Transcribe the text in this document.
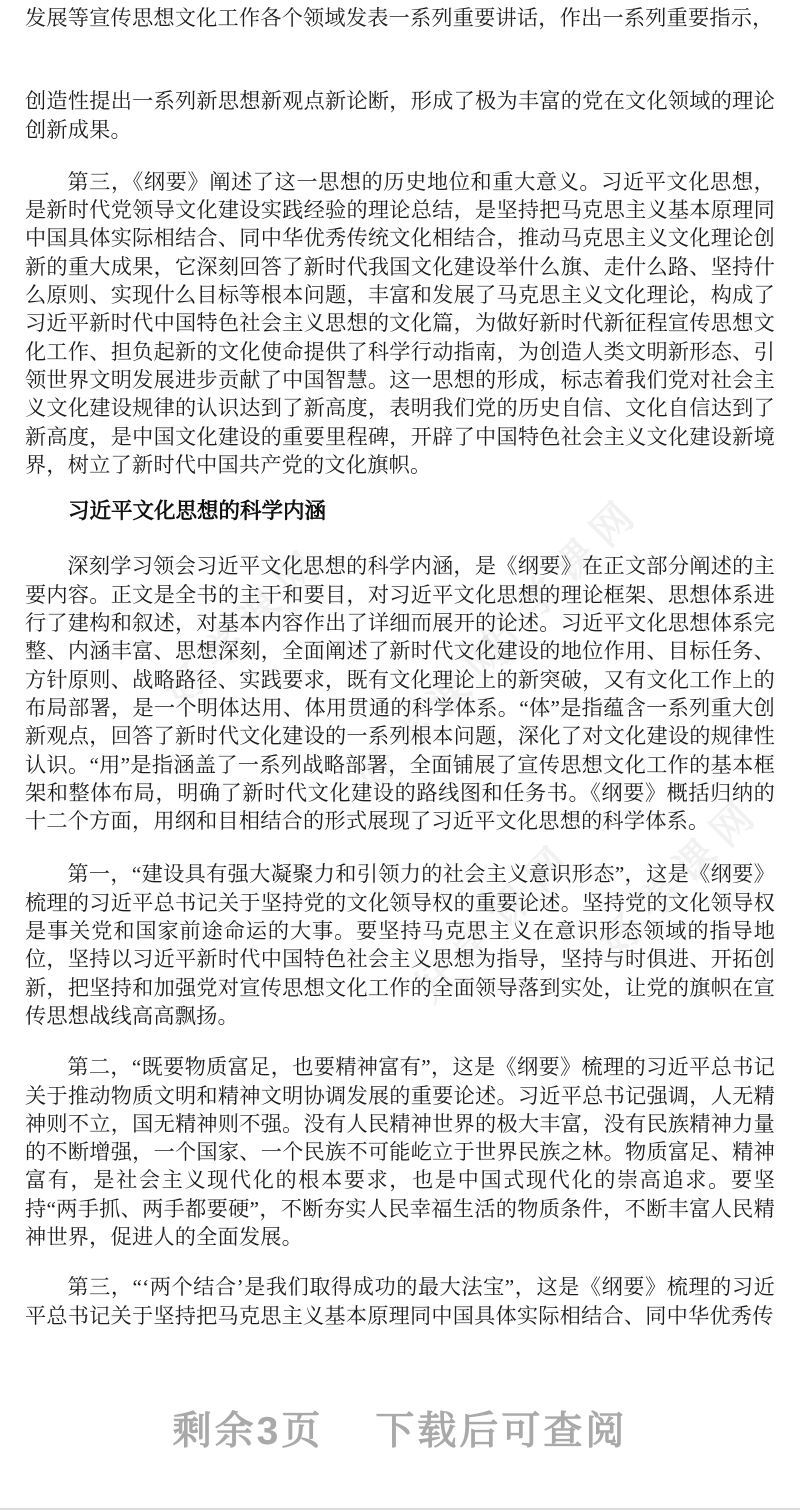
好学课网
好学课网 好学课网
好学课网
好学课网

发展等宣传思想文化工作各个领域发表一系列重要讲话，作出一系列重要指示，

创造性提出一系列新思想新观点新论断，形成了极为丰富的党在文化领域的理论创新成果。

第三，《纲要》阐述了这一思想的历史地位和重大意义。习近平文化思想，是新时代党领导文化建设实践经验的理论总结，是坚持把马克思主义基本原理同中国具体实际相结合、同中华优秀传统文化相结合，推动马克思主义文化理论创新的重大成果，它深刻回答了新时代我国文化建设举什么旗、走什么路、坚持什么原则、实现什么目标等根本问题，丰富和发展了马克思主义文化理论，构成了习近平新时代中国特色社会主义思想的文化篇，为做好新时代新征程宣传思想文化工作、担负起新的文化使命提供了科学行动指南，为创造人类文明新形态、引领世界文明发展进步贡献了中国智慧。这一思想的形成，标志着我们党对社会主义文化建设规律的认识达到了新高度，表明我们党的历史自信、文化自信达到了新高度，是中国文化建设的重要里程碑，开辟了中国特色社会主义文化建设新境界，树立了新时代中国共产党的文化旗帜。

习近平文化思想的科学内涵

深刻学习领会习近平文化思想的科学内涵，是《纲要》在正文部分阐述的主要内容。正文是全书的主干和要目，对习近平文化思想的理论框架、思想体系进行了建构和叙述，对基本内容作出了详细而展开的论述。习近平文化思想体系完整、内涵丰富、思想深刻，全面阐述了新时代文化建设的地位作用、目标任务、方针原则、战略路径、实践要求，既有文化理论上的新突破，又有文化工作上的布局部署，是一个明体达用、体用贯通的科学体系。“体”是指蕴含一系列重大创新观点，回答了新时代文化建设的一系列根本问题，深化了对文化建设的规律性认识。“用”是指涵盖了一系列战略部署，全面铺展了宣传思想文化工作的基本框架和整体布局，明确了新时代文化建设的路线图和任务书。《纲要》概括归纳的十二个方面，用纲和目相结合的形式展现了习近平文化思想的科学体系。

第一，“建设具有强大凝聚力和引领力的社会主义意识形态”，这是《纲要》梳理的习近平总书记关于坚持党的文化领导权的重要论述。坚持党的文化领导权是事关党和国家前途命运的大事。要坚持马克思主义在意识形态领域的指导地位，坚持以习近平新时代中国特色社会主义思想为指导，坚持与时俱进、开拓创新，把坚持和加强党对宣传思想文化工作的全面领导落到实处，让党的旗帜在宣传思想战线高高飘扬。

第二，“既要物质富足，也要精神富有”，这是《纲要》梳理的习近平总书记关于推动物质文明和精神文明协调发展的重要论述。习近平总书记强调，人无精神则不立，国无精神则不强。没有人民精神世界的极大丰富，没有民族精神力量的不断增强，一个国家、一个民族不可能屹立于世界民族之林。物质富足、精神富有，是社会主义现代化的根本要求，也是中国式现代化的崇高追求。要坚持“两手抓、两手都要硬”，不断夯实人民幸福生活的物质条件，不断丰富人民精神世界，促进人的全面发展。

第三，“‘两个结合’是我们取得成功的最大法宝”，这是《纲要》梳理的习近平总书记关于坚持把马克思主义基本原理同中国具体实际相结合、同中华优秀传

剩余3页 下载后可查阅
